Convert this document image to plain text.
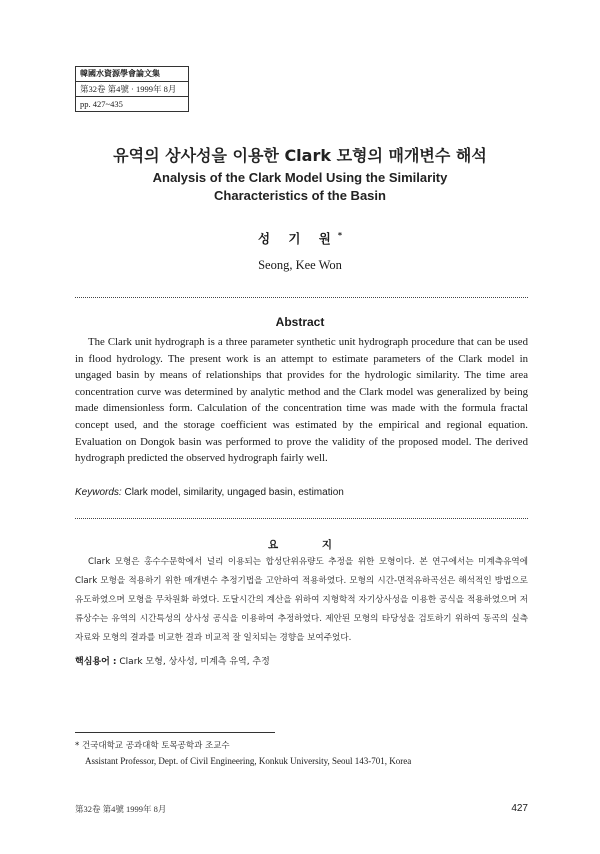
韓國水資源學會論文集
第32卷 第4號 · 1999年 8月
pp. 427~435
유역의 상사성을 이용한 Clark 모형의 매개변수 해석
Analysis of the Clark Model Using the Similarity
Characteristics of the Basin
성 기 원*
Seong, Kee Won
Abstract
The Clark unit hydrograph is a three parameter synthetic unit hydrograph procedure that can be used in flood hydrology. The present work is an attempt to estimate parameters of the Clark model in ungaged basin by means of relationships that provides for the hydrologic similarity. The time area concentration curve was determined by analytic method and the Clark model was generalized by being made dimensionless form. Calculation of the concentration time was made with the formula fractal concept used, and the storage coefficient was estimated by the empirical and regional equation. Evaluation on Dongok basin was performed to prove the validity of the proposed model. The derived hydrograph predicted the observed hydrograph fairly well.
Keywords: Clark model, similarity, ungaged basin, estimation
요 지
Clark 모형은 홍수수문학에서 널리 이용되는 합성단위유량도 추정을 위한 모형이다. 본 연구에서는 미계측유역에 Clark 모형을 적용하기 위한 매개변수 추정기법을 고안하여 적용하였다. 모형의 시간-면적유하곡선은 해석적인 방법으로 유도하였으며 모형을 무차원화 하였다. 도달시간의 계산을 위하여 지형학적 자기상사성을 이용한 공식을 적용하였으며 저류상수는 유역의 시간특성의 상사성 공식을 이용하여 추정하였다. 제안된 모형의 타당성을 검토하기 위하여 동곡의 실측자료와 모형의 결과를 비교한 결과 비교적 잘 일치되는 경향을 보여주었다.
핵심용어 : Clark 모형, 상사성, 미계측 유역, 추정
* 건국대학교 공과대학 토목공학과 조교수
Assistant Professor, Dept. of Civil Engineering, Konkuk University, Seoul 143-701, Korea
第32卷 第4號 1999年 8月	427
